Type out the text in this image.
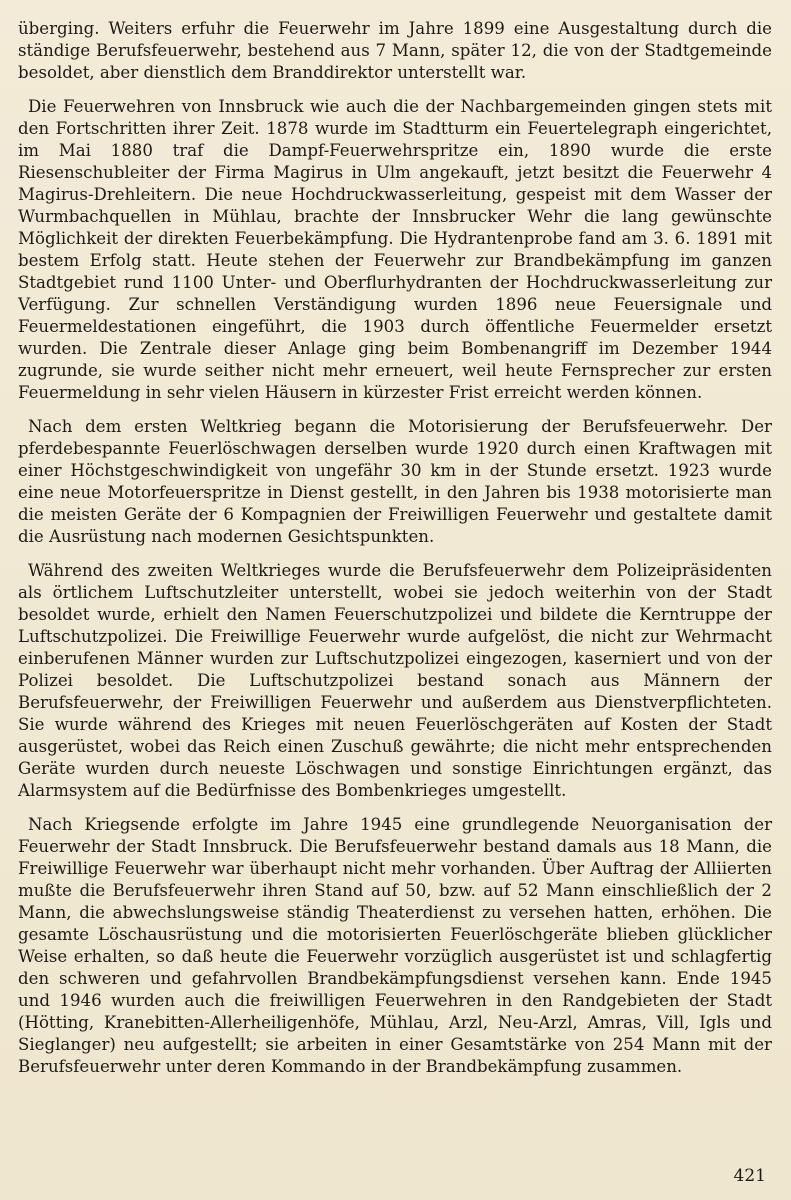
überging. Weiters erfuhr die Feuerwehr im Jahre 1899 eine Ausgestaltung durch die ständige Berufsfeuerwehr, bestehend aus 7 Mann, später 12, die von der Stadtgemeinde besoldet, aber dienstlich dem Branddirektor unterstellt war.

Die Feuerwehren von Innsbruck wie auch die der Nachbargemeinden gingen stets mit den Fortschritten ihrer Zeit. 1878 wurde im Stadtturm ein Feuertelegraph eingerichtet, im Mai 1880 traf die Dampf-Feuerwehrspritze ein, 1890 wurde die erste Riesenschubleiter der Firma Magirus in Ulm angekauft, jetzt besitzt die Feuerwehr 4 Magirus-Drehleitern. Die neue Hochdruckwasserleitung, gespeist mit dem Wasser der Wurmbachquellen in Mühlau, brachte der Innsbrucker Wehr die lang gewünschte Möglichkeit der direkten Feuerbekämpfung. Die Hydrantenprobe fand am 3. 6. 1891 mit bestem Erfolg statt. Heute stehen der Feuerwehr zur Brandbekämpfung im ganzen Stadtgebiet rund 1100 Unter- und Oberflurhydranten der Hochdruckwasserleitung zur Verfügung. Zur schnellen Verständigung wurden 1896 neue Feuersignale und Feuermeldestationen eingeführt, die 1903 durch öffentliche Feuermelder ersetzt wurden. Die Zentrale dieser Anlage ging beim Bombenangriff im Dezember 1944 zugrunde, sie wurde seither nicht mehr erneuert, weil heute Fernsprecher zur ersten Feuermeldung in sehr vielen Häusern in kürzester Frist erreicht werden können.

Nach dem ersten Weltkrieg begann die Motorisierung der Berufsfeuerwehr. Der pferdebespannte Feuerlöschwagen derselben wurde 1920 durch einen Kraftwagen mit einer Höchstgeschwindigkeit von ungefähr 30 km in der Stunde ersetzt. 1923 wurde eine neue Motorfeuerspritze in Dienst gestellt, in den Jahren bis 1938 motorisierte man die meisten Geräte der 6 Kompagnien der Freiwilligen Feuerwehr und gestaltete damit die Ausrüstung nach modernen Gesichtspunkten.

Während des zweiten Weltkrieges wurde die Berufsfeuerwehr dem Polizeipräsidenten als örtlichem Luftschutzleiter unterstellt, wobei sie jedoch weiterhin von der Stadt besoldet wurde, erhielt den Namen Feuerschutzpolizei und bildete die Kerntruppe der Luftschutzpolizei. Die Freiwillige Feuerwehr wurde aufgelöst, die nicht zur Wehrmacht einberufenen Männer wurden zur Luftschutzpolizei eingezogen, kaserniert und von der Polizei besoldet. Die Luftschutzpolizei bestand sonach aus Männern der Berufsfeuerwehr, der Freiwilligen Feuerwehr und außerdem aus Dienstverpflichteten. Sie wurde während des Krieges mit neuen Feuerlöschgeräten auf Kosten der Stadt ausgerüstet, wobei das Reich einen Zuschuß gewährte; die nicht mehr entsprechenden Geräte wurden durch neueste Löschwagen und sonstige Einrichtungen ergänzt, das Alarmsystem auf die Bedürfnisse des Bombenkrieges umgestellt.

Nach Kriegsende erfolgte im Jahre 1945 eine grundlegende Neuorganisation der Feuerwehr der Stadt Innsbruck. Die Berufsfeuerwehr bestand damals aus 18 Mann, die Freiwillige Feuerwehr war überhaupt nicht mehr vorhanden. Über Auftrag der Alliierten mußte die Berufsfeuerwehr ihren Stand auf 50, bzw. auf 52 Mann einschließlich der 2 Mann, die abwechslungsweise ständig Theaterdienst zu versehen hatten, erhöhen. Die gesamte Löschausrüstung und die motorisierten Feuerlöschgeräte blieben glücklicher Weise erhalten, so daß heute die Feuerwehr vorzüglich ausgerüstet ist und schlagfertig den schweren und gefahrvollen Brandbekämpfungsdienst versehen kann. Ende 1945 und 1946 wurden auch die freiwilligen Feuerwehren in den Randgebieten der Stadt (Hötting, Kranebitten-Allerheiligenhöfe, Mühlau, Arzl, Neu-Arzl, Amras, Vill, Igls und Sieglanger) neu aufgestellt; sie arbeiten in einer Gesamtstärke von 254 Mann mit der Berufsfeuerwehr unter deren Kommando in der Brandbekämpfung zusammen.

421
